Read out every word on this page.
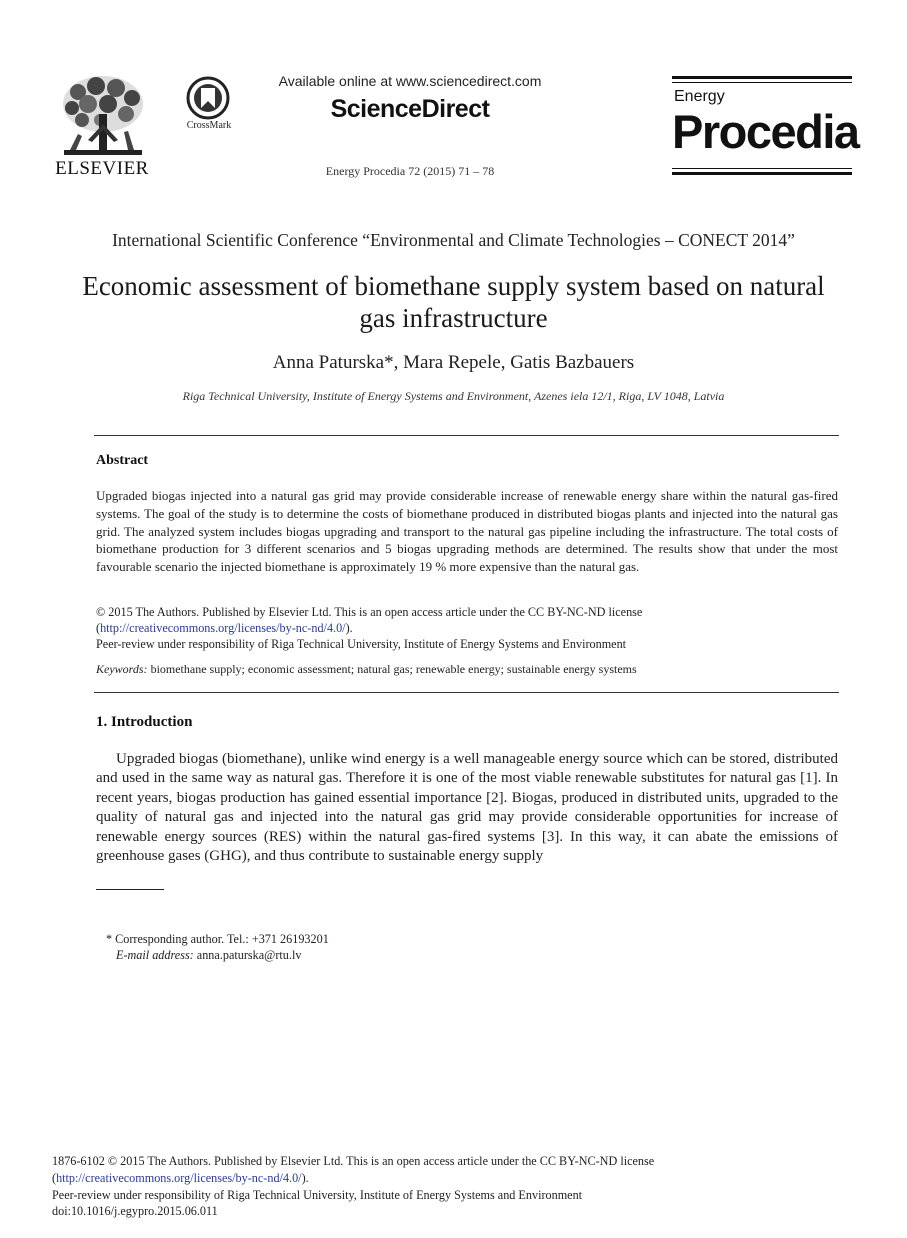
ELSEVIER
CrossMark
Available online at www.sciencedirect.com
ScienceDirect
Energy Procedia 72 (2015) 71 – 78
Energy
Procedia
International Scientific Conference “Environmental and Climate Technologies – CONECT 2014”
Economic assessment of biomethane supply system based on natural
gas infrastructure
Anna Paturska*, Mara Repele, Gatis Bazbauers
Riga Technical University, Institute of Energy Systems and Environment, Azenes iela 12/1, Riga, LV 1048, Latvia
Abstract
Upgraded biogas injected into a natural gas grid may provide considerable increase of renewable energy share within the natural gas-fired systems. The goal of the study is to determine the costs of biomethane produced in distributed biogas plants and injected into the natural gas grid. The analyzed system includes biogas upgrading and transport to the natural gas pipeline including the infrastructure. The total costs of biomethane production for 3 different scenarios and 5 biogas upgrading methods are determined. The results show that under the most favourable scenario the injected biomethane is approximately 19 % more expensive than the natural gas.
© 2015 The Authors. Published by Elsevier Ltd. This is an open access article under the CC BY-NC-ND license
(http://creativecommons.org/licenses/by-nc-nd/4.0/).
Peer-review under responsibility of Riga Technical University, Institute of Energy Systems and Environment
Keywords: biomethane supply; economic assessment; natural gas; renewable energy; sustainable energy systems
1. Introduction
Upgraded biogas (biomethane), unlike wind energy is a well manageable energy source which can be stored, distributed and used in the same way as natural gas. Therefore it is one of the most viable renewable substitutes for natural gas [1]. In recent years, biogas production has gained essential importance [2]. Biogas, produced in distributed units, upgraded to the quality of natural gas and injected into the natural gas grid may provide considerable opportunities for increase of renewable energy sources (RES) within the natural gas-fired systems [3]. In this way, it can abate the emissions of greenhouse gases (GHG), and thus contribute to sustainable energy supply
* Corresponding author. Tel.: +371 26193201
E-mail address: anna.paturska@rtu.lv
1876-6102 © 2015 The Authors. Published by Elsevier Ltd. This is an open access article under the CC BY-NC-ND license
(http://creativecommons.org/licenses/by-nc-nd/4.0/).
Peer-review under responsibility of Riga Technical University, Institute of Energy Systems and Environment
doi:10.1016/j.egypro.2015.06.011
